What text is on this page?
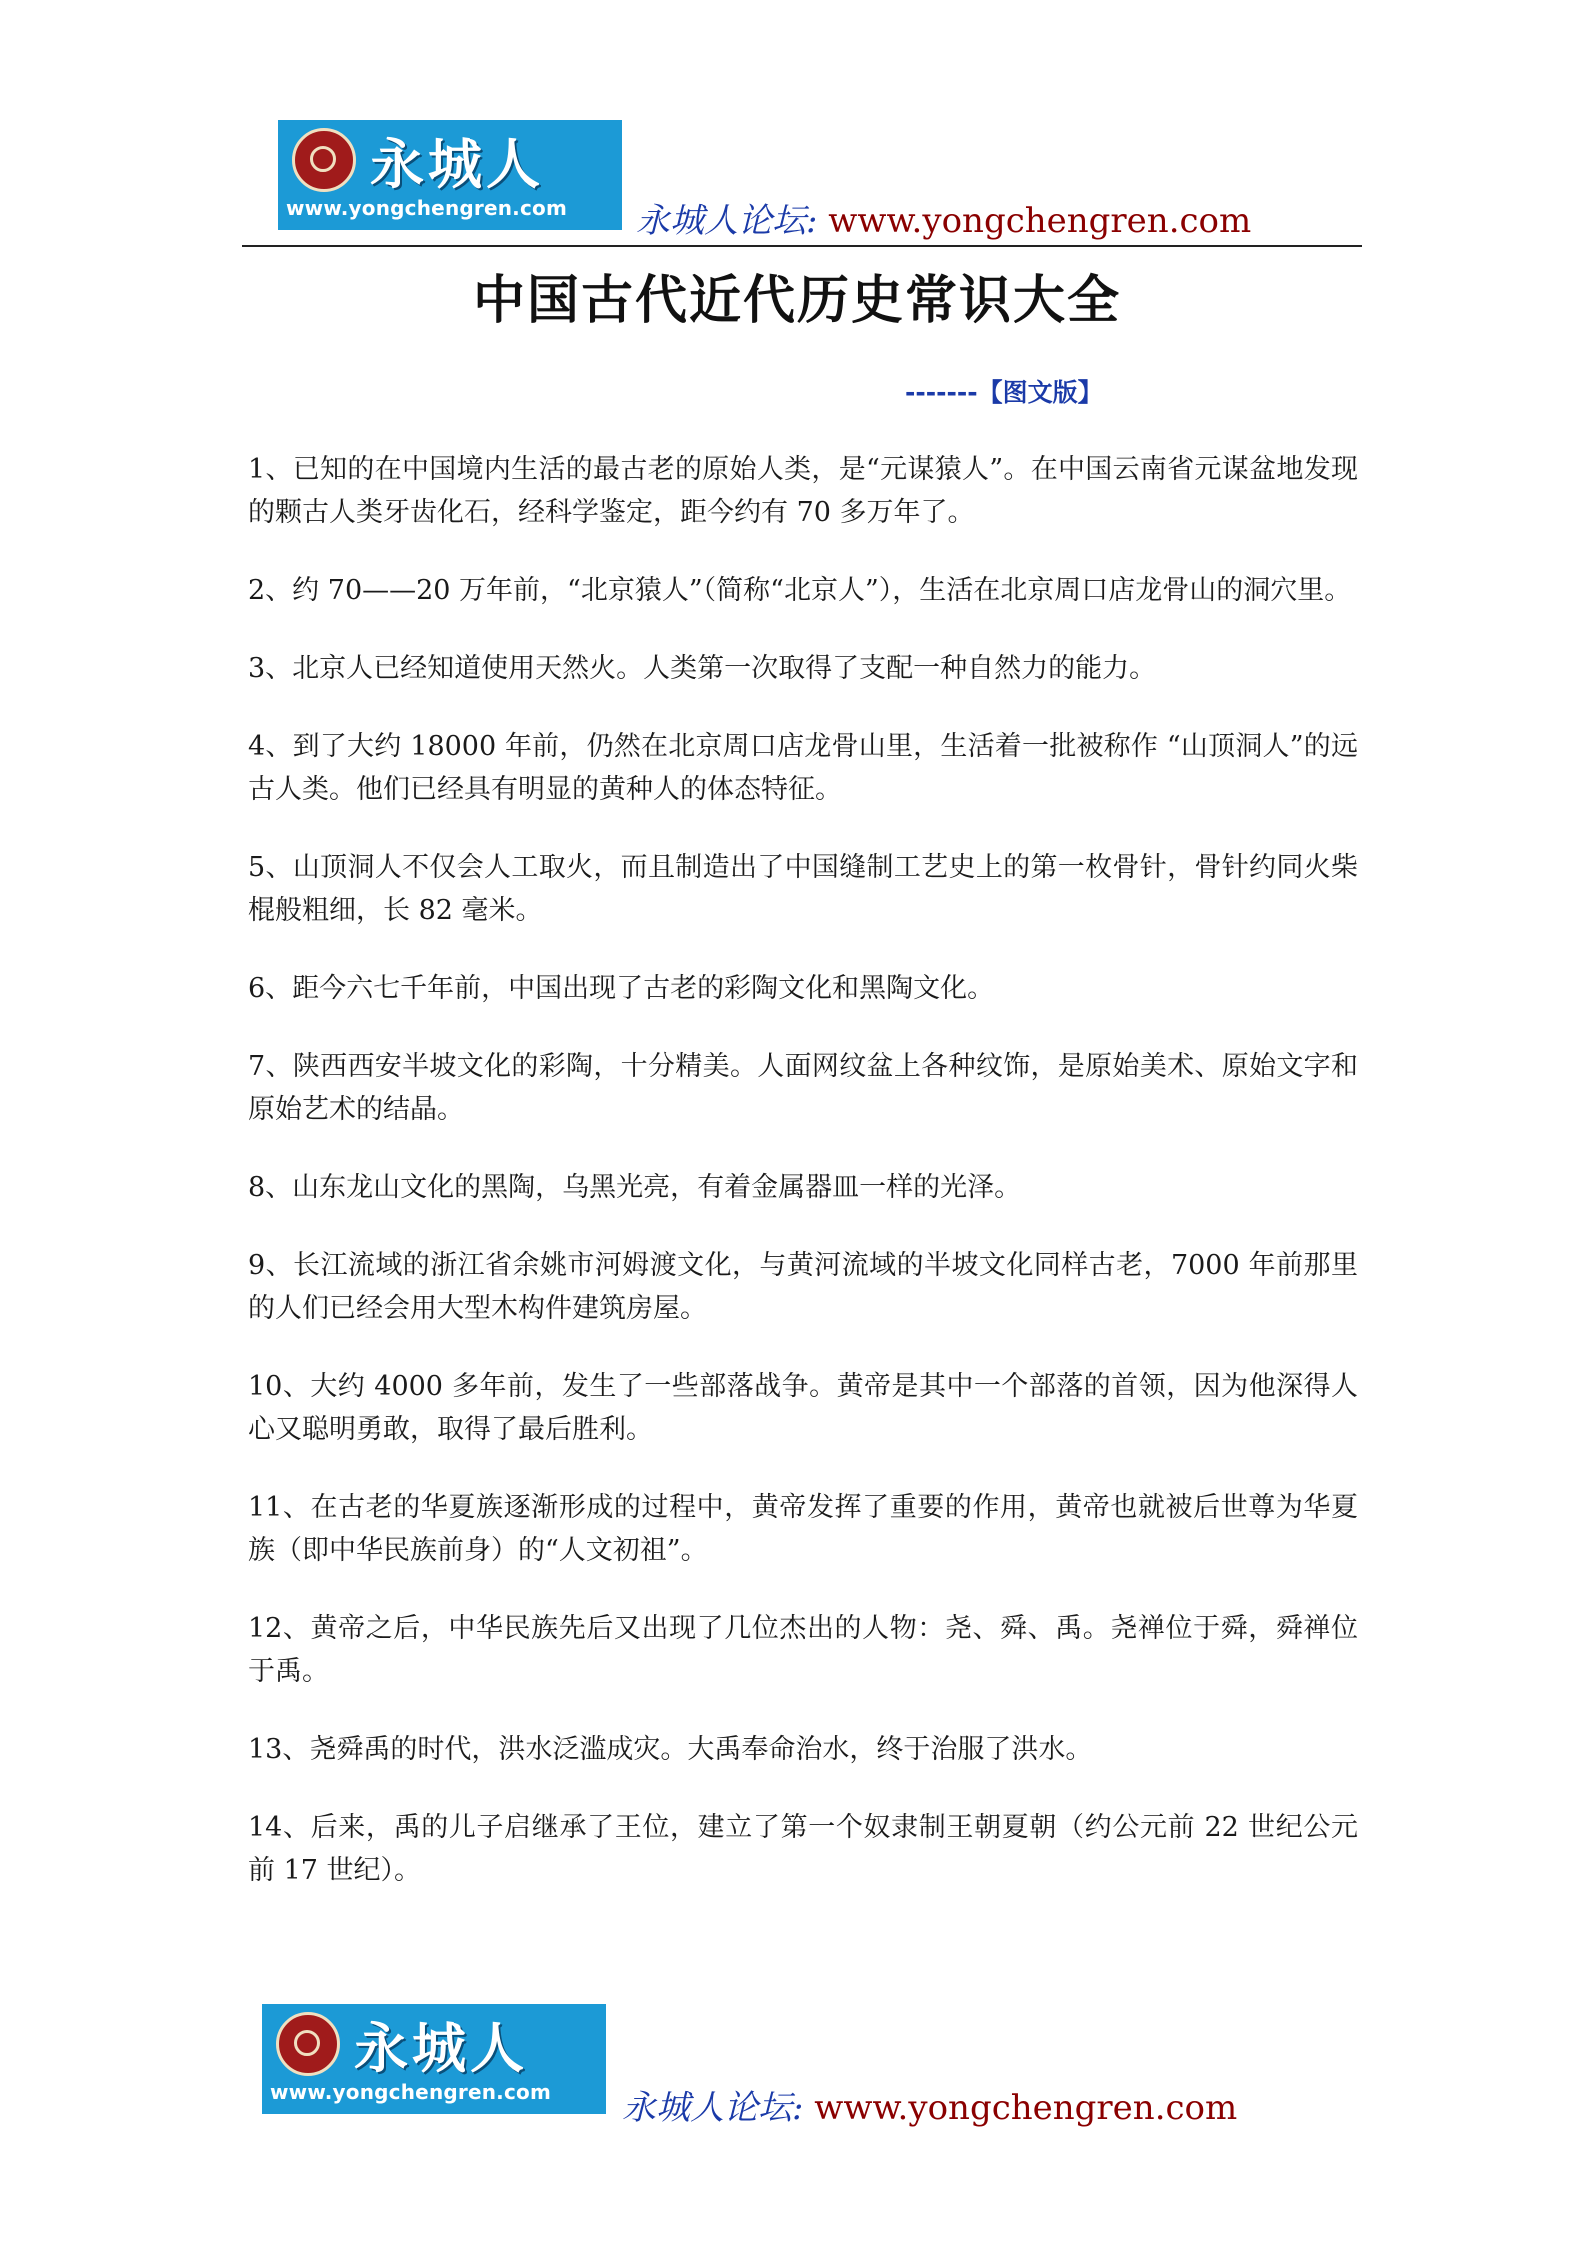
永城人
www.yongchengren.com 永城人论坛: www.yongchengren.com
中国古代近代历史常识大全
-------【图文版】

1、已知的在中国境内生活的最古老的原始人类，是“元谋猿人”。在中国云南省元谋盆地发现的颗古人类牙齿化石，经科学鉴定，距今约有 70 多万年了。

2、约 70——20 万年前，“北京猿人”（简称“北京人”），生活在北京周口店龙骨山的洞穴里。

3、北京人已经知道使用天然火。人类第一次取得了支配一种自然力的能力。

4、到了大约 18000 年前，仍然在北京周口店龙骨山里，生活着一批被称作 “山顶洞人”的远古人类。他们已经具有明显的黄种人的体态特征。

5、山顶洞人不仅会人工取火，而且制造出了中国缝制工艺史上的第一枚骨针，骨针约同火柴棍般粗细，长 82 毫米。

6、距今六七千年前，中国出现了古老的彩陶文化和黑陶文化。

7、陕西西安半坡文化的彩陶，十分精美。人面网纹盆上各种纹饰，是原始美术、原始文字和原始艺术的结晶。

8、山东龙山文化的黑陶，乌黑光亮，有着金属器皿一样的光泽。

9、长江流域的浙江省余姚市河姆渡文化，与黄河流域的半坡文化同样古老，7000 年前那里的人们已经会用大型木构件建筑房屋。

10、大约 4000 多年前，发生了一些部落战争。黄帝是其中一个部落的首领，因为他深得人心又聪明勇敢，取得了最后胜利。

11、在古老的华夏族逐渐形成的过程中，黄帝发挥了重要的作用，黄帝也就被后世尊为华夏族（即中华民族前身）的“人文初祖”。

12、黄帝之后，中华民族先后又出现了几位杰出的人物：尧、舜、禹。尧禅位于舜，舜禅位于禹。

13、尧舜禹的时代，洪水泛滥成灾。大禹奉命治水，终于治服了洪水。

14、后来，禹的儿子启继承了王位，建立了第一个奴隶制王朝夏朝（约公元前 22 世纪公元前 17 世纪）。

永城人
www.yongchengren.com 永城人论坛: www.yongchengren.com
